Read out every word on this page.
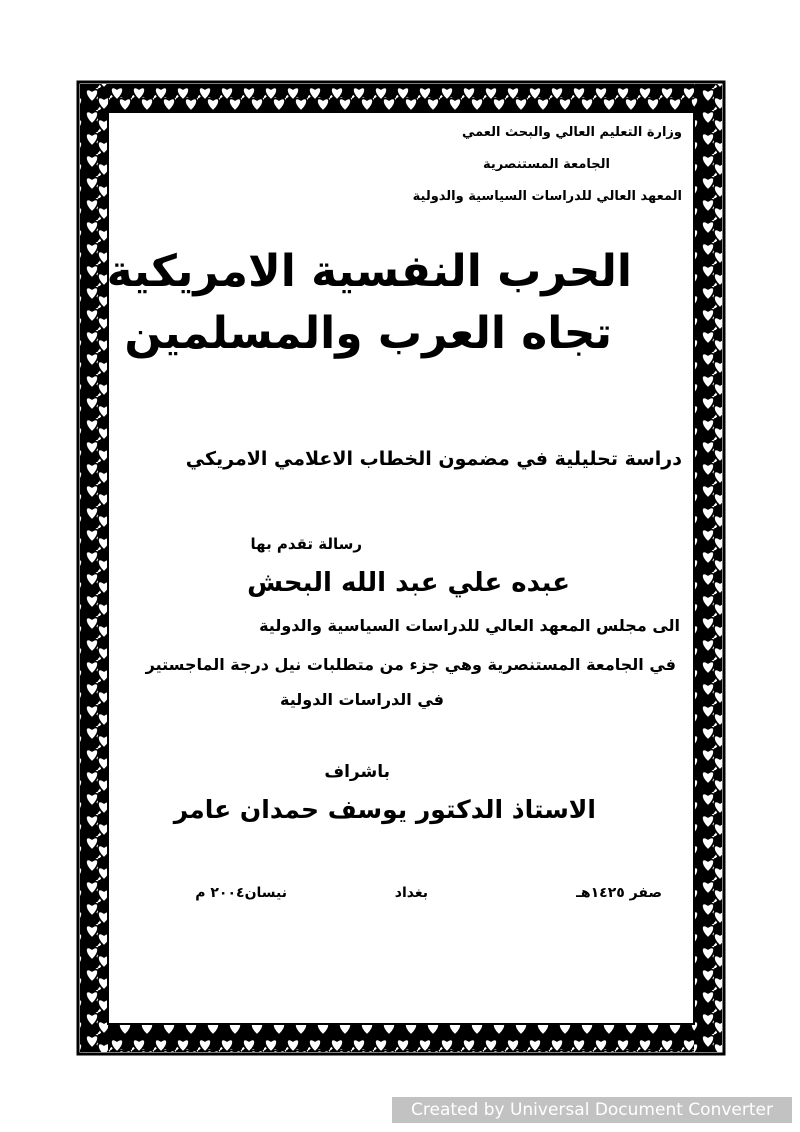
وزارة التعليم العالي والبحث العمي
الجامعة المستنصرية
المعهد العالي للدراسات السياسية والدولية
الحرب النفسية الامريكية
تجاه العرب والمسلمين
دراسة تحليلية في مضمون الخطاب الاعلامي الامريكي
رسالة تقدم بها
عبده علي عبد الله البحش
الى مجلس المعهد العالي للدراسات السياسية والدولية
في الجامعة المستنصرية وهي جزء من متطلبات نيل درجة الماجستير
في الدراسات الدولية
باشراف
الاستاذ الدكتور يوسف حمدان عامر
صفر ١٤٢٥هـ
بغداد
نيسان٢٠٠٤ م
Created by Universal Document Converter
